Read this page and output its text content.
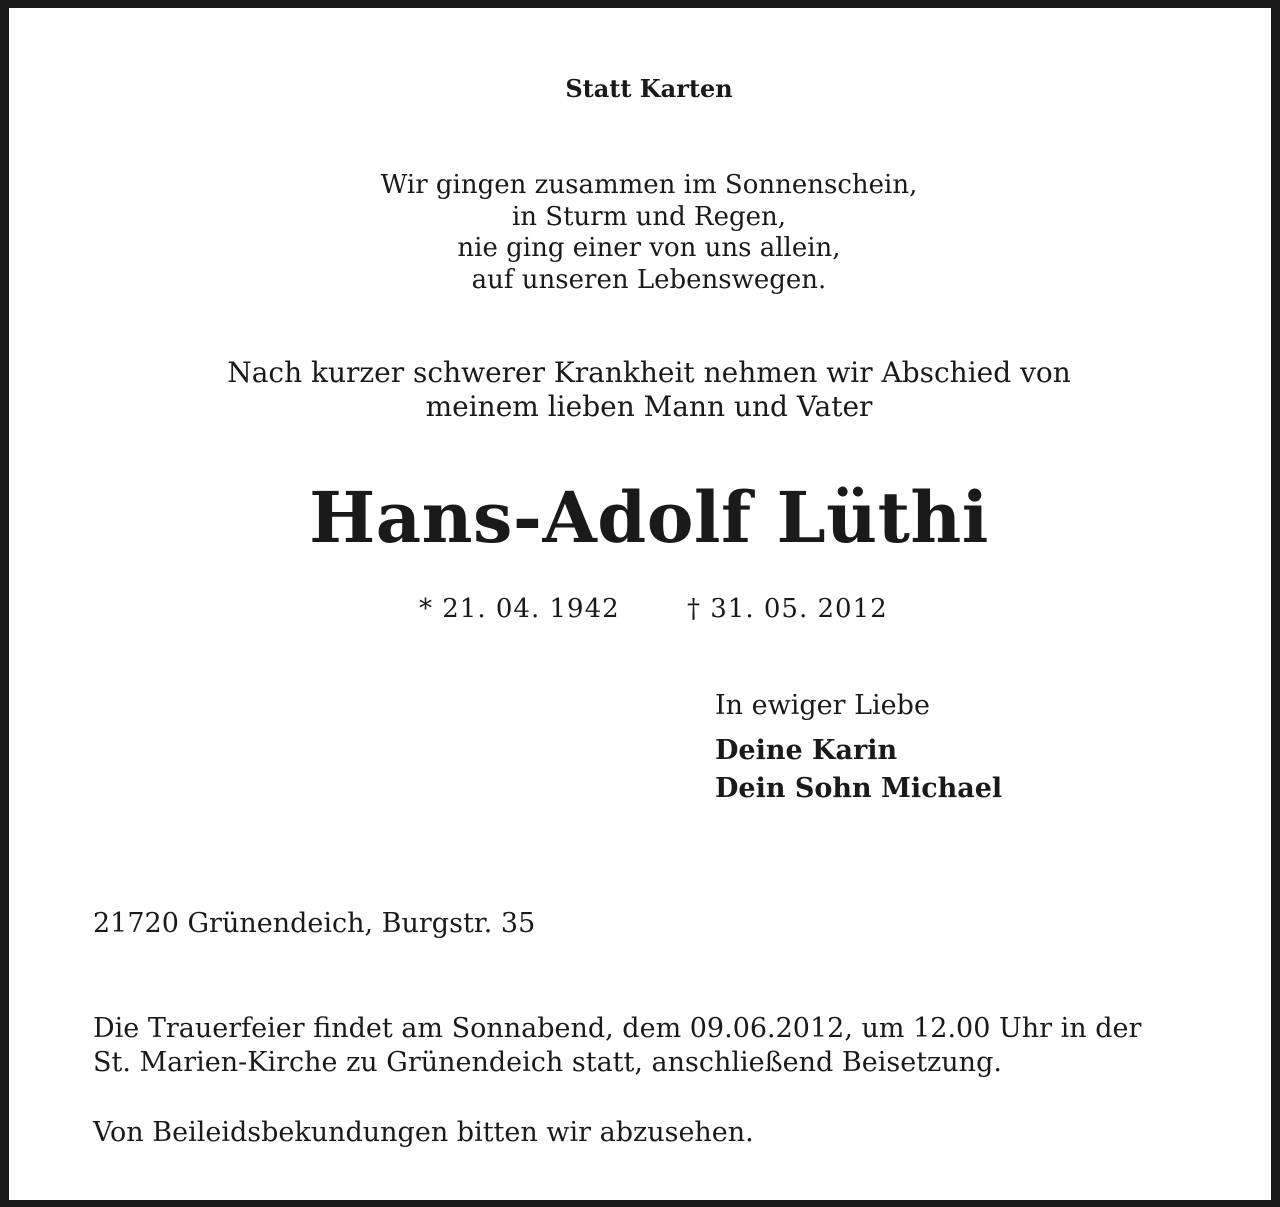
Statt Karten
Wir gingen zusammen im Sonnenschein,
in Sturm und Regen,
nie ging einer von uns allein,
auf unseren Lebenswegen.
Nach kurzer schwerer Krankheit nehmen wir Abschied von
meinem lieben Mann und Vater
Hans-Adolf Lüthi
* 21. 04. 1942	† 31. 05. 2012
In ewiger Liebe
Deine Karin
Dein Sohn Michael
21720 Grünendeich, Burgstr. 35
Die Trauerfeier findet am Sonnabend, dem 09.06.2012, um 12.00 Uhr in der
St. Marien-Kirche zu Grünendeich statt, anschließend Beisetzung.
Von Beileidsbekundungen bitten wir abzusehen.
